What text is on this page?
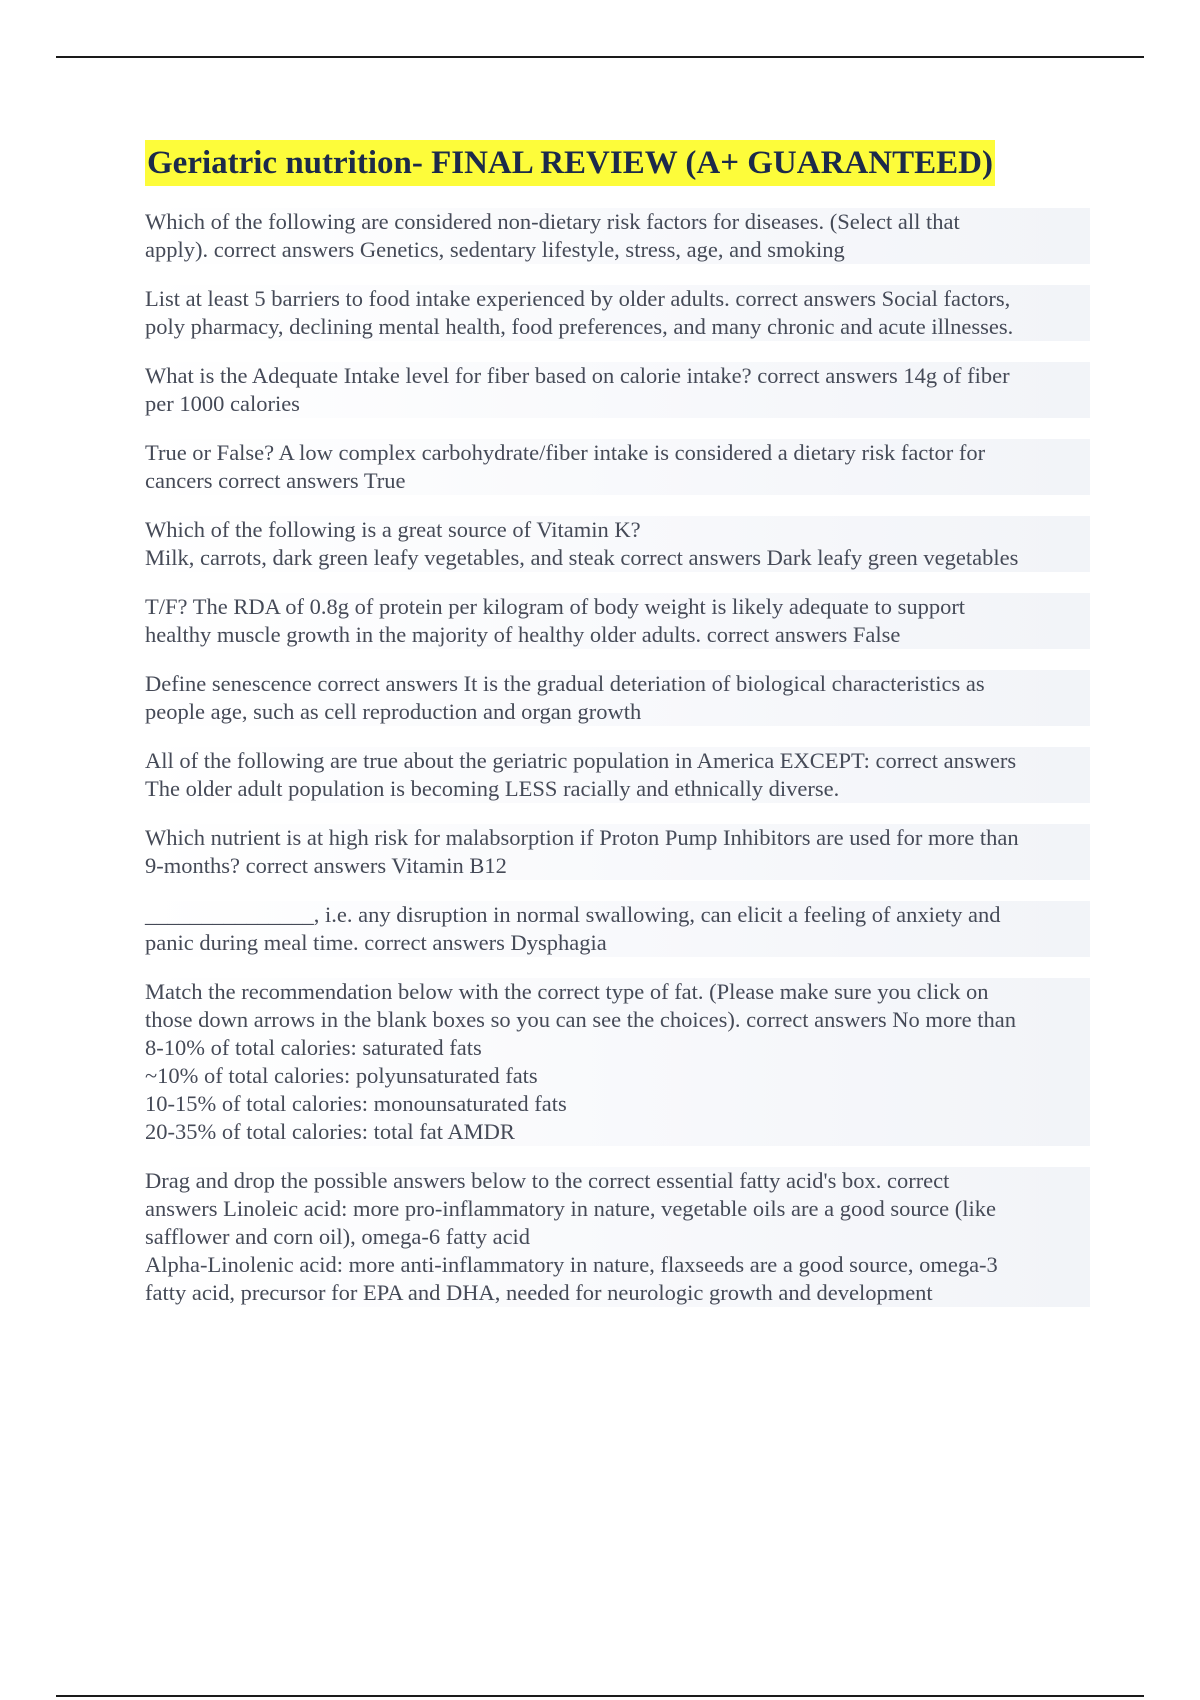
Geriatric nutrition- FINAL REVIEW (A+ GUARANTEED)
Which of the following are considered non-dietary risk factors for diseases. (Select all that
apply). correct answers Genetics, sedentary lifestyle, stress, age, and smoking
List at least 5 barriers to food intake experienced by older adults. correct answers Social factors,
poly pharmacy, declining mental health, food preferences, and many chronic and acute illnesses.
What is the Adequate Intake level for fiber based on calorie intake? correct answers 14g of fiber
per 1000 calories
True or False? A low complex carbohydrate/fiber intake is considered a dietary risk factor for
cancers correct answers True
Which of the following is a great source of Vitamin K?
Milk, carrots, dark green leafy vegetables, and steak correct answers Dark leafy green vegetables
T/F? The RDA of 0.8g of protein per kilogram of body weight is likely adequate to support
healthy muscle growth in the majority of healthy older adults. correct answers False
Define senescence correct answers It is the gradual deteriation of biological characteristics as
people age, such as cell reproduction and organ growth
All of the following are true about the geriatric population in America EXCEPT: correct answers
The older adult population is becoming LESS racially and ethnically diverse.
Which nutrient is at high risk for malabsorption if Proton Pump Inhibitors are used for more than
9-months? correct answers Vitamin B12
_______________, i.e. any disruption in normal swallowing, can elicit a feeling of anxiety and
panic during meal time. correct answers Dysphagia
Match the recommendation below with the correct type of fat. (Please make sure you click on
those down arrows in the blank boxes so you can see the choices). correct answers No more than
8-10% of total calories: saturated fats
~10% of total calories: polyunsaturated fats
10-15% of total calories: monounsaturated fats
20-35% of total calories: total fat AMDR
Drag and drop the possible answers below to the correct essential fatty acid's box. correct
answers Linoleic acid: more pro-inflammatory in nature, vegetable oils are a good source (like
safflower and corn oil), omega-6 fatty acid
Alpha-Linolenic acid: more anti-inflammatory in nature, flaxseeds are a good source, omega-3
fatty acid, precursor for EPA and DHA, needed for neurologic growth and development
